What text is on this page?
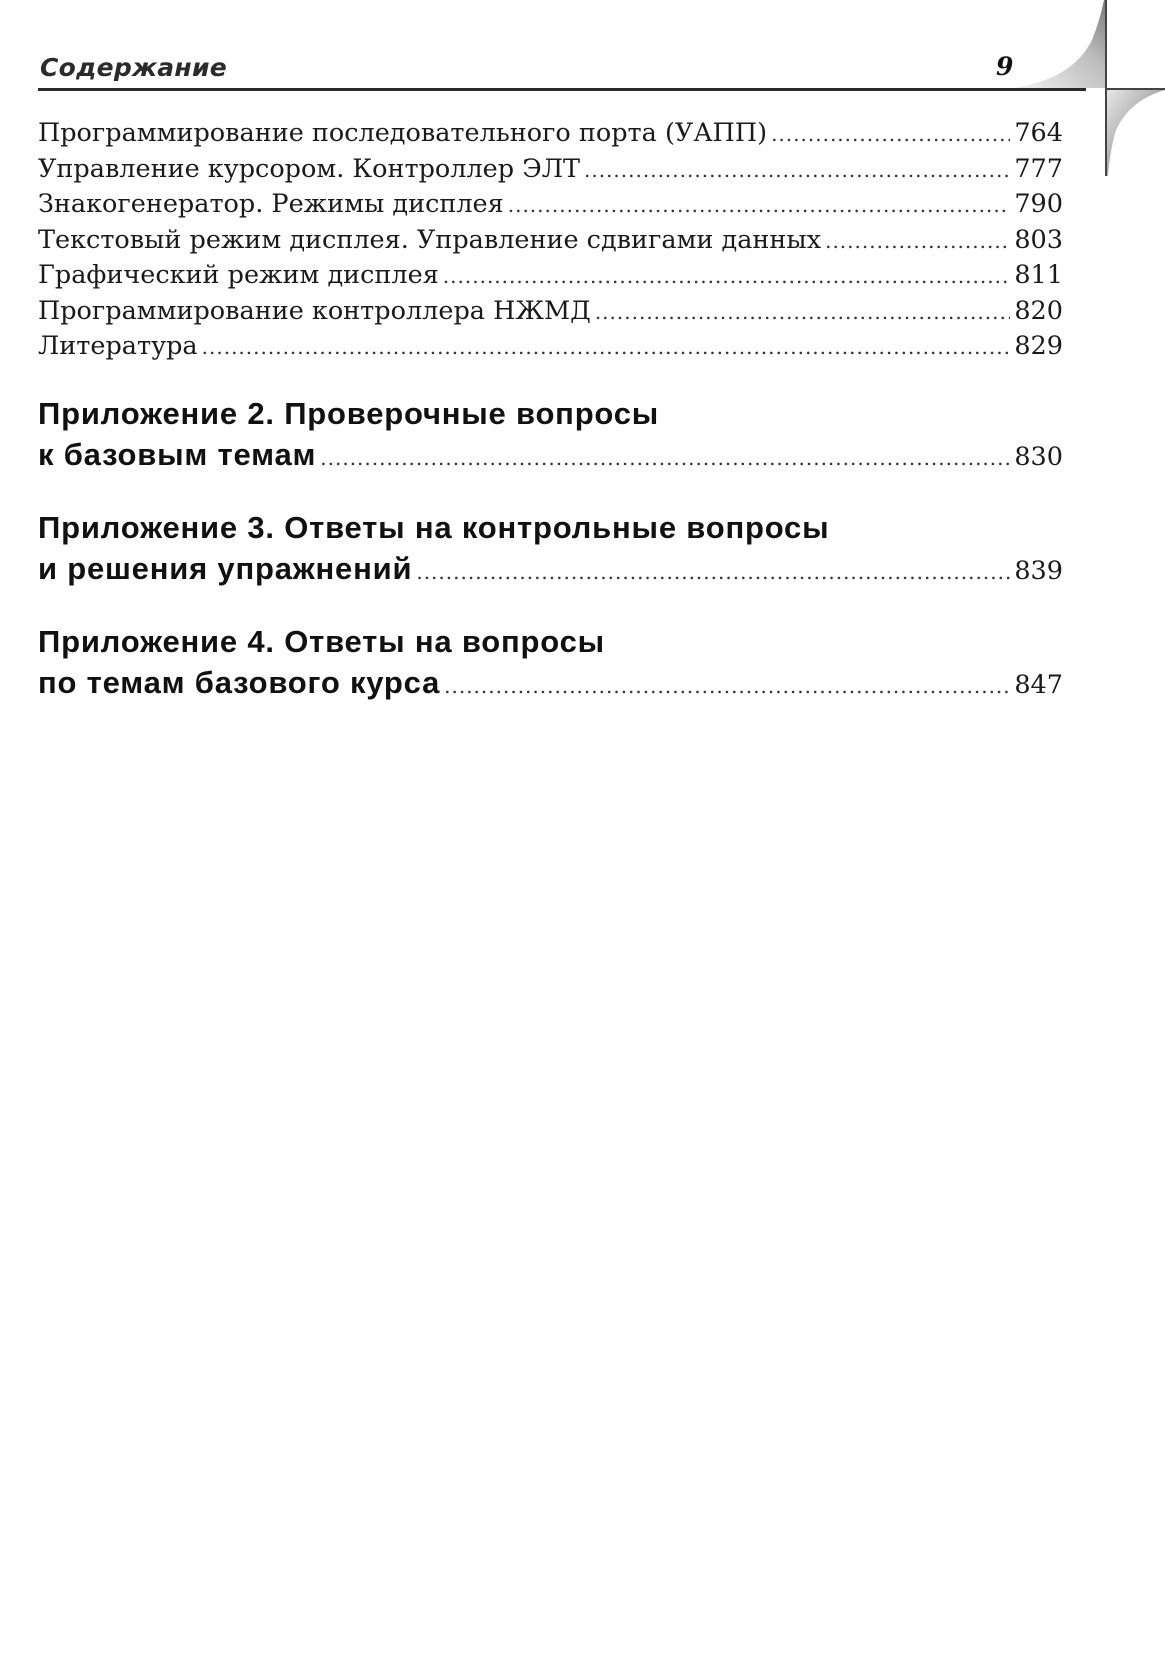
Содержание	9
Программирование последовательного порта (УАПП) .....	764
Управление курсором. Контроллер ЭЛТ .....	777
Знакогенератор. Режимы дисплея .....	790
Текстовый режим дисплея. Управление сдвигами данных .....	803
Графический режим дисплея .....	811
Программирование контроллера НЖМД .....	820
Литература .....	829
Приложение 2. Проверочные вопросы
к базовым темам .....	830
Приложение 3. Ответы на контрольные вопросы
и решения упражнений .....	839
Приложение 4. Ответы на вопросы
по темам базового курса .....	847
